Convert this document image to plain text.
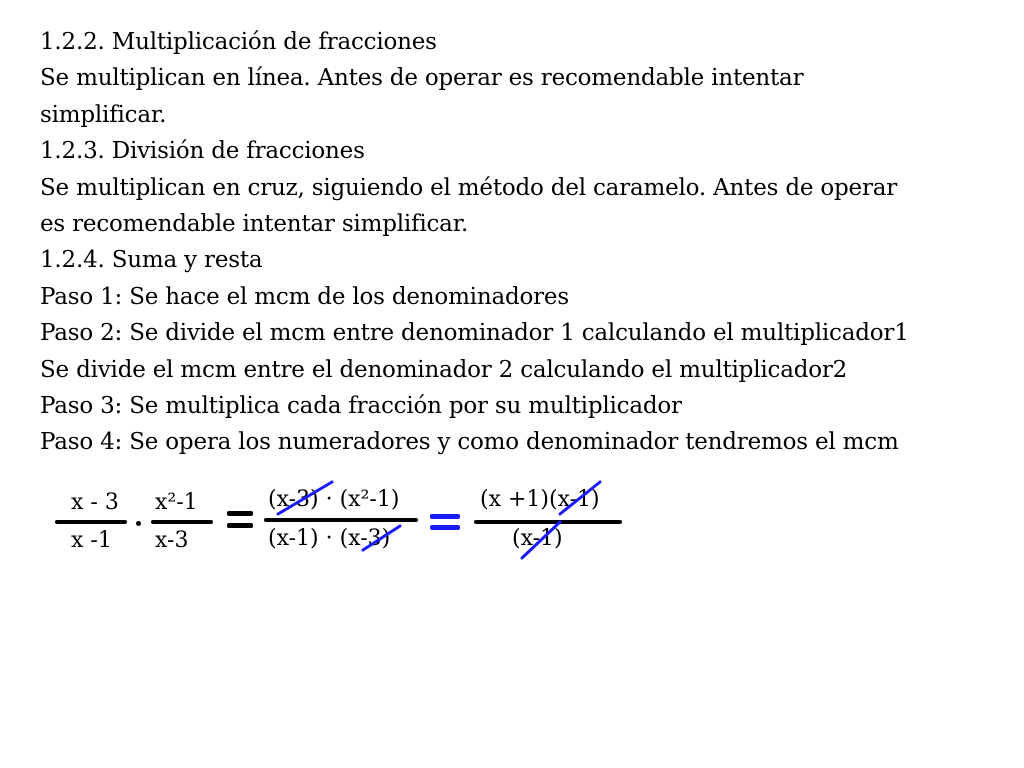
1.2.2. Multiplicación de fracciones
Se multiplican en línea. Antes de operar es recomendable intentar
simplificar.
1.2.3. División de fracciones
Se multiplican en cruz, siguiendo el método del caramelo. Antes de operar
es recomendable intentar simplificar.
1.2.4. Suma y resta
Paso 1: Se hace el mcm de los denominadores
Paso 2: Se divide el mcm entre denominador 1 calculando el multiplicador1
Se divide el mcm entre el denominador 2 calculando el multiplicador2
Paso 3: Se multiplica cada fracción por su multiplicador
Paso 4: Se opera los numeradores y como denominador tendremos el mcm
x - 3
x -1
x²-1
x-3
(x-3) · (x²-1)
(x-1) · (x-3)
(x +1)(x-1)
(x-1)
